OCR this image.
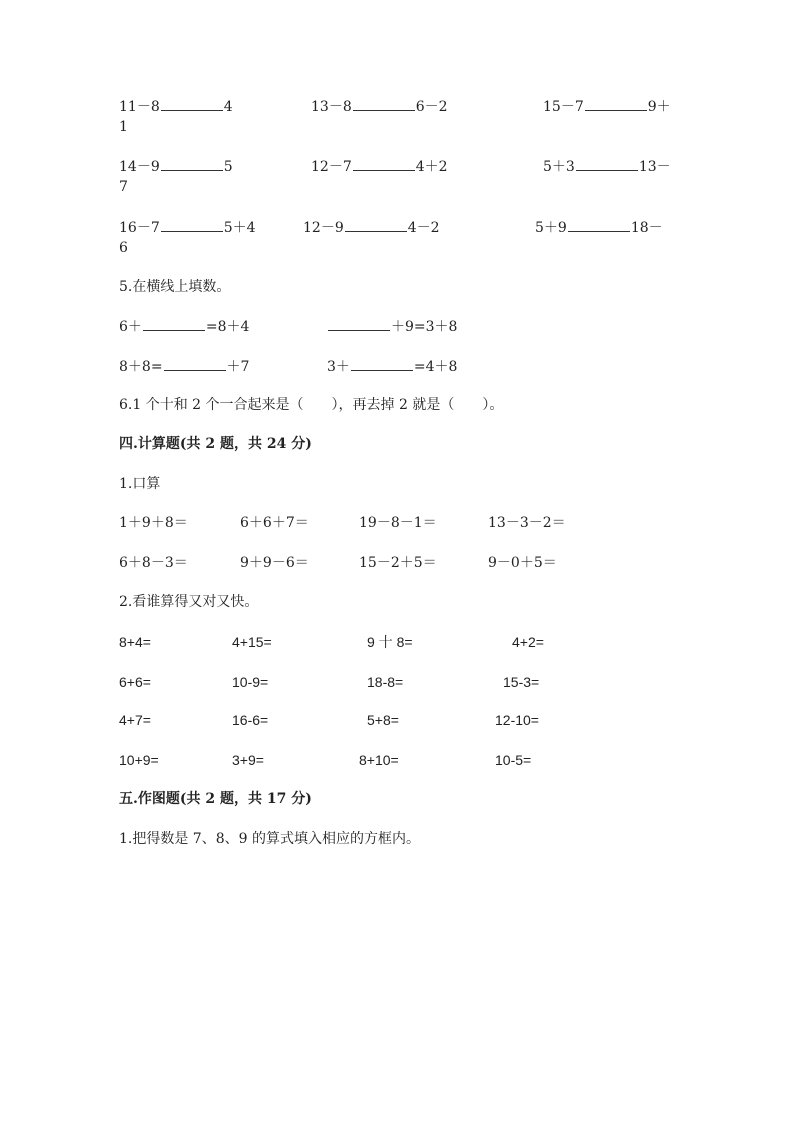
11－8	4	13－8	6－2	15－7	9＋
1
14－9	5	12－7	4＋2	5＋3	13－
7
16－7	5＋4	12－9	4－2	5＋9	18－
6
5.在横线上填数。
6＋	=8＋4	＋9=3＋8
8＋8=	＋7	3＋	=4＋8
6.1 个十和 2 个一合起来是（　　），再去掉 2 就是（　　）。
四.计算题(共 2 题，共 24 分)
1.口算
1＋9＋8＝	6＋6＋7＝	19－8－1＝	13－3－2＝
6＋8－3＝	9＋9－6＝	15－2＋5＝	9－0＋5＝
2.看谁算得又对又快。
8+4=	4+15=	9 十 8=	4+2=
6+6=	10-9=	18-8=	15-3=
4+7=	16-6=	5+8=	12-10=
10+9=	3+9=	8+10=	10-5=
五.作图题(共 2 题，共 17 分)
1.把得数是 7、8、9 的算式填入相应的方框内。
